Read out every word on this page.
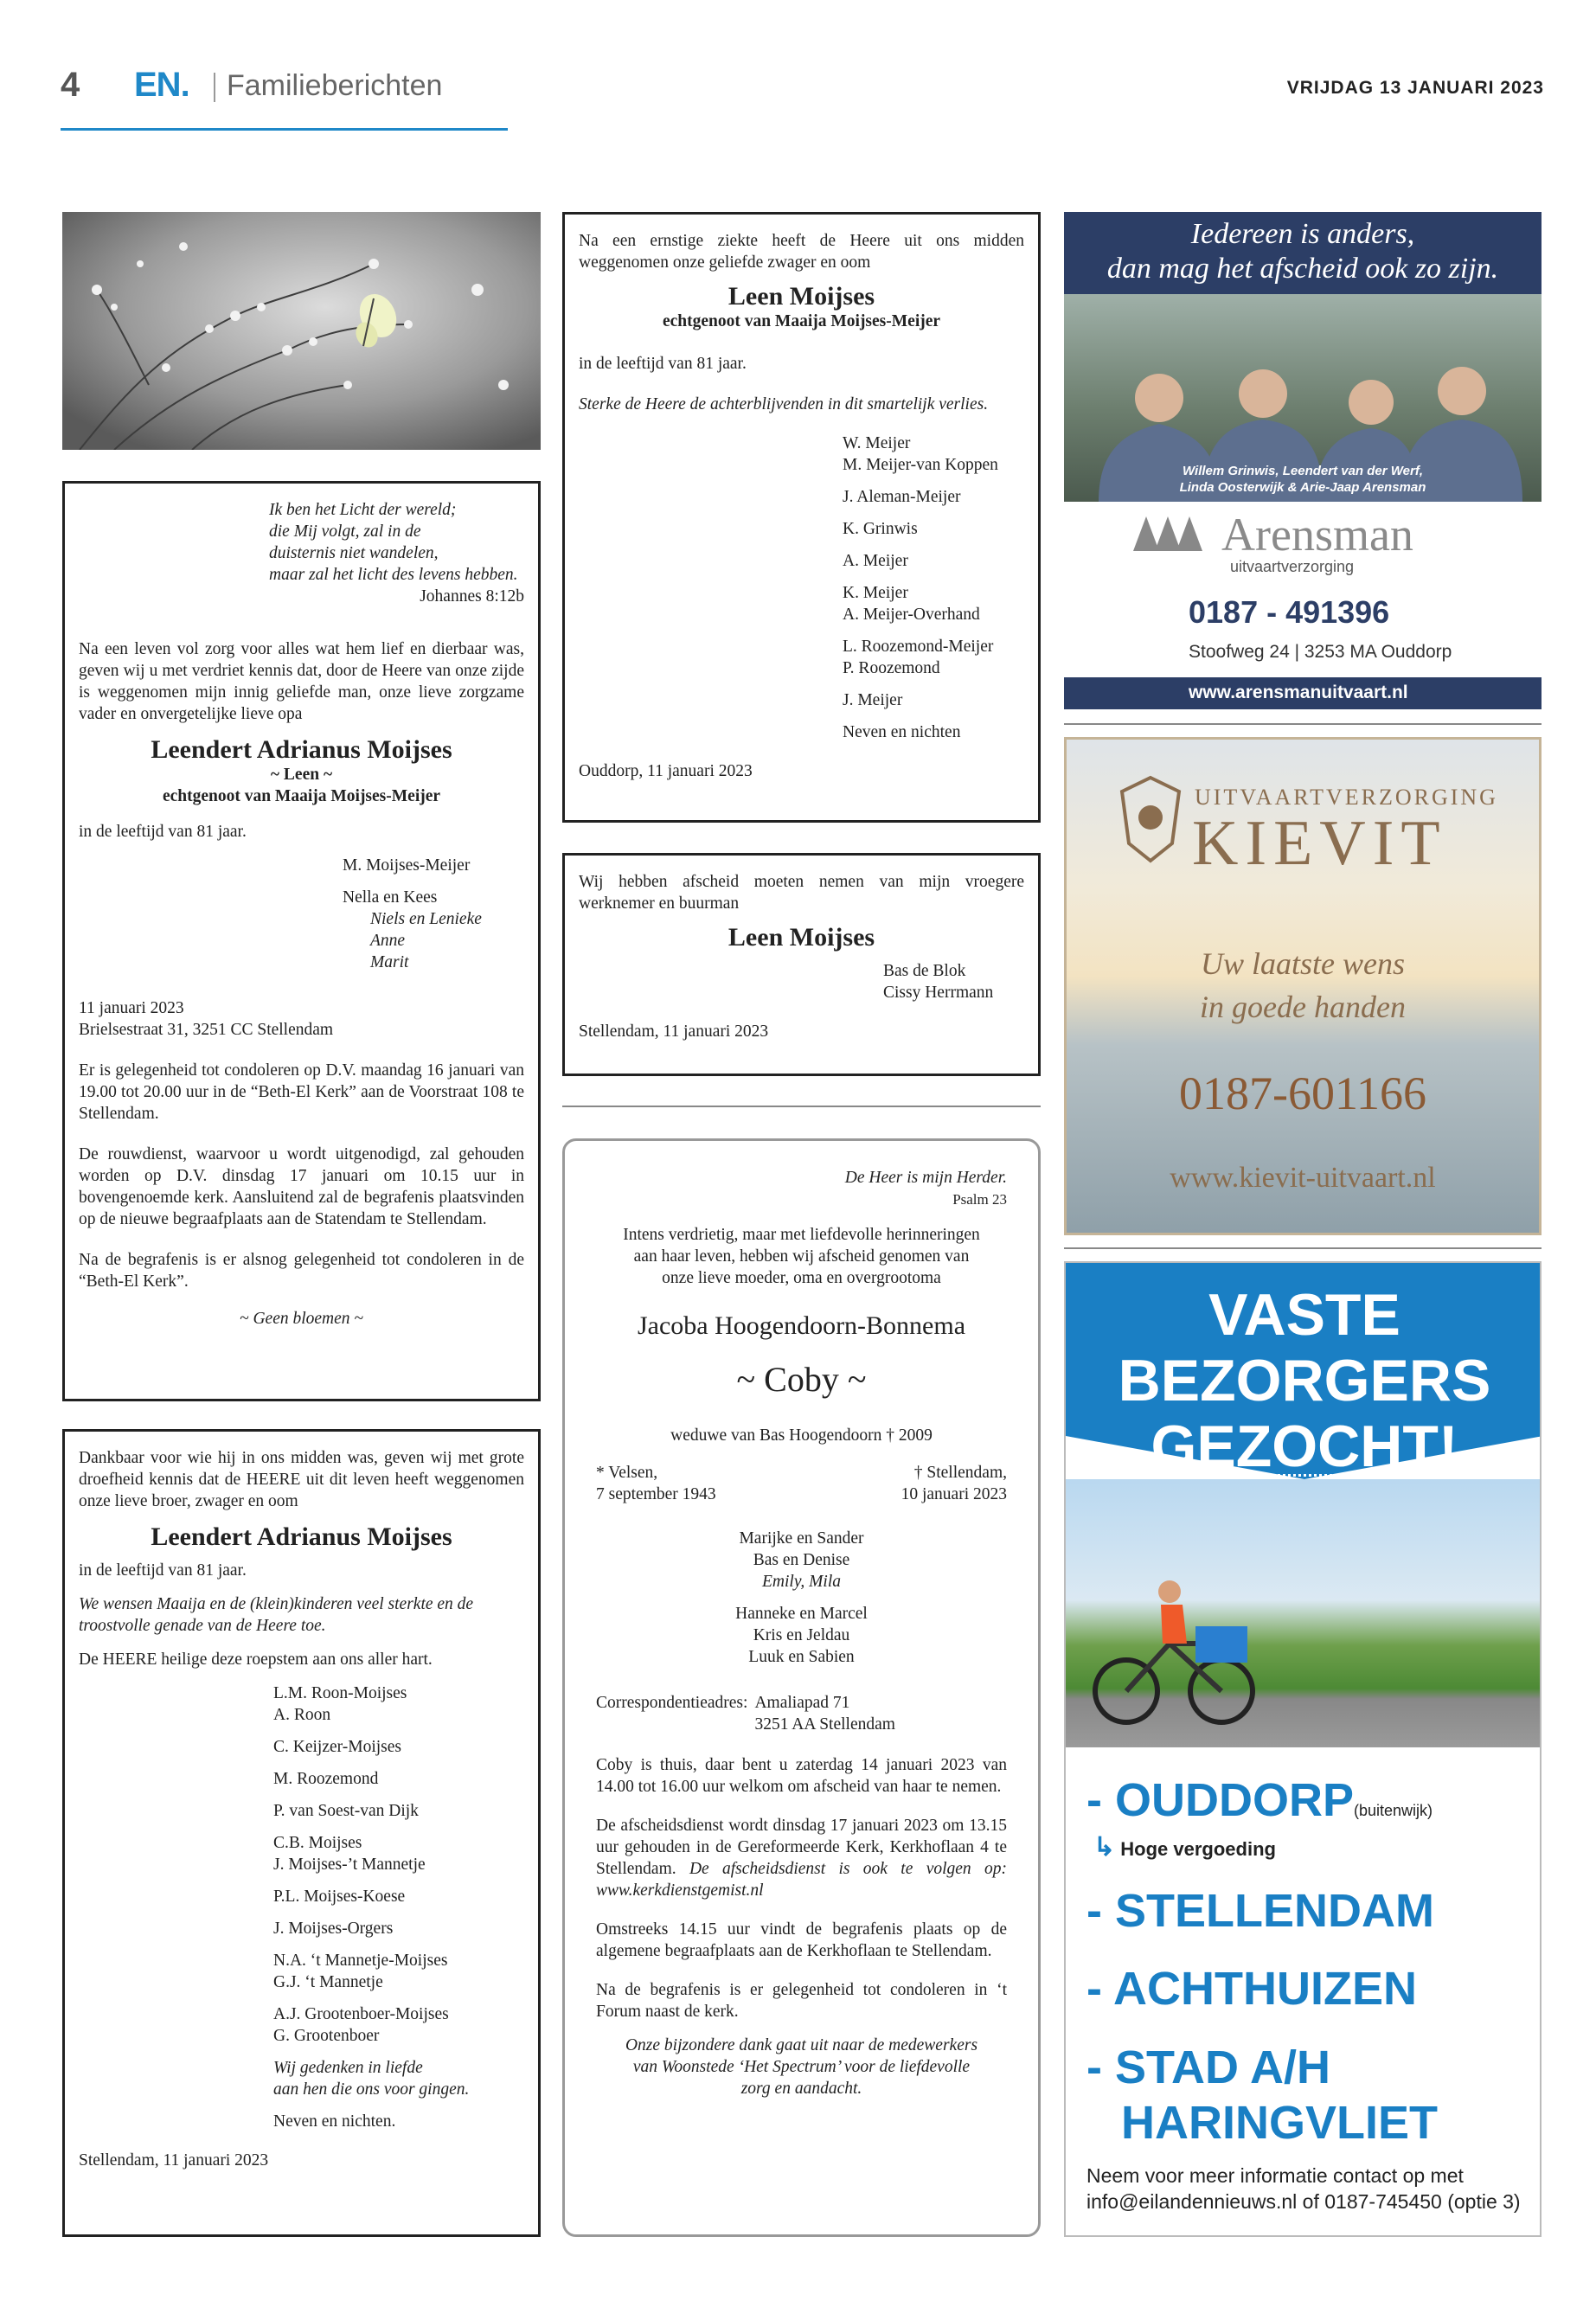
4 EN. Familieberichten	VRIJDAG 13 JANUARI 2023
Ik ben het Licht der wereld;
die Mij volgt, zal in de
duisternis niet wandelen,
maar zal het licht des levens hebben.
Johannes 8:12b

Na een leven vol zorg voor alles wat hem lief en dierbaar was, geven wij u met verdriet kennis dat, door de Heere van onze zijde is weggenomen mijn innig geliefde man, onze lieve zorgzame vader en onvergetelijke lieve opa

Leendert Adrianus Moijses
~ Leen ~
echtgenoot van Maaija Moijses-Meijer

in de leeftijd van 81 jaar.

M. Moijses-Meijer
Nella en Kees
Niels en Lenieke
Anne
Marit
11 januari 2023

Brielsestraat 31, 3251 CC Stellendam

Er is gelegenheid tot condoleren op D.V. maandag 16 januari van 19.00 tot 20.00 uur in de “Beth-El Kerk” aan de Voorstraat 108 te Stellendam.

De rouwdienst, waarvoor u wordt uitgenodigd, zal gehouden worden op D.V. dinsdag 17 januari om 10.15 uur in bovengenoemde kerk. Aansluitend zal de begrafenis plaatsvinden op de nieuwe begraafplaats aan de Statendam te Stellendam.

Na de begrafenis is er alsnog gelegenheid tot condoleren in de “Beth-El Kerk”.

~ Geen bloemen ~

Dankbaar voor wie hij in ons midden was, geven wij met grote droefheid kennis dat de HEERE uit dit leven heeft weggenomen onze lieve broer, zwager en oom

Leendert Adrianus Moijses

in de leeftijd van 81 jaar.

We wensen Maaija en de (klein)kinderen veel sterkte en de troostvolle genade van de Heere toe.

De HEERE heilige deze roepstem aan ons aller hart.

L.M. Roon-Moijses
A. Roon
C. Keijzer-Moijses
M. Roozemond
P. van Soest-van Dijk
C.B. Moijses
J. Moijses-’t Mannetje
P.L. Moijses-Koese
J. Moijses-Orgers
N.A. ‘t Mannetje-Moijses
G.J. ‘t Mannetje
A.J. Grootenboer-Moijses
G. Grootenboer
Wij gedenken in liefde
aan hen die ons voor gingen.
Neven en nichten.
Stellendam, 11 januari 2023

Na een ernstige ziekte heeft de Heere uit ons midden weggenomen onze geliefde zwager en oom

Leen Moijses
echtgenoot van Maaija Moijses-Meijer

in de leeftijd van 81 jaar.

Sterke de Heere de achterblijvenden in dit smartelijk verlies.

W. Meijer
M. Meijer-van Koppen
J. Aleman-Meijer
K. Grinwis
A. Meijer
K. Meijer
A. Meijer-Overhand
L. Roozemond-Meijer
P. Roozemond
J. Meijer
Neven en nichten
Ouddorp, 11 januari 2023

Wij hebben afscheid moeten nemen van mijn vroegere werknemer en buurman

Leen Moijses
Bas de Blok
Cissy Herrmann
Stellendam, 11 januari 2023
De Heer is mijn Herder.
Psalm 23
Intens verdrietig, maar met liefdevolle herinneringen
aan haar leven, hebben wij afscheid genomen van
onze lieve moeder, oma en overgrootoma
Jacoba Hoogendoorn-Bonnema
~ Coby ~
weduwe van Bas Hoogendoorn † 2009
* Velsen,
7 september 1943
† Stellendam,
10 januari 2023
Marijke en Sander
Bas en Denise
Emily, Mila
Hanneke en Marcel
Kris en Jeldau
Luuk en Sabien
Correspondentieadres: Amaliapad 71
3251 AA Stellendam

Coby is thuis, daar bent u zaterdag 14 januari 2023 van 14.00 tot 16.00 uur welkom om afscheid van haar te nemen.

De afscheidsdienst wordt dinsdag 17 januari 2023 om 13.15 uur gehouden in de Gereformeerde Kerk, Kerkhoflaan 4 te Stellendam. De afscheidsdienst is ook te volgen op: www.kerkdienstgemist.nl

Omstreeks 14.15 uur vindt de begrafenis plaats op de algemene begraafplaats aan de Kerkhoflaan te Stellendam.

Na de begrafenis is er gelegenheid tot condoleren in ‘t Forum naast de kerk.

Onze bijzondere dank gaat uit naar de medewerkers
van Woonstede ‘Het Spectrum’ voor de liefdevolle
zorg en aandacht.
Iedereen is anders,
dan mag het afscheid ook zo zijn.
Willem Grinwis, Leendert van der Werf,
Linda Oosterwijk & Arie-Jaap Arensman
Arensman
uitvaartverzorging
0187 - 491396
Stoofweg 24 | 3253 MA Ouddorp
www.arensmanuitvaart.nl
UITVAARTVERZORGING
KIEVIT
Uw laatste wens
in goede handen
0187-601166
www.kievit-uitvaart.nl
VASTE
BEZORGERS
GEZOCHT!
- OUDDORP(buitenwijk)
↳ Hoge vergoeding
- STELLENDAM
- ACHTHUIZEN
- STAD A/H
HARINGVLIET
Neem voor meer informatie contact op met
info@eilandennieuws.nl of 0187-745450 (optie 3)
